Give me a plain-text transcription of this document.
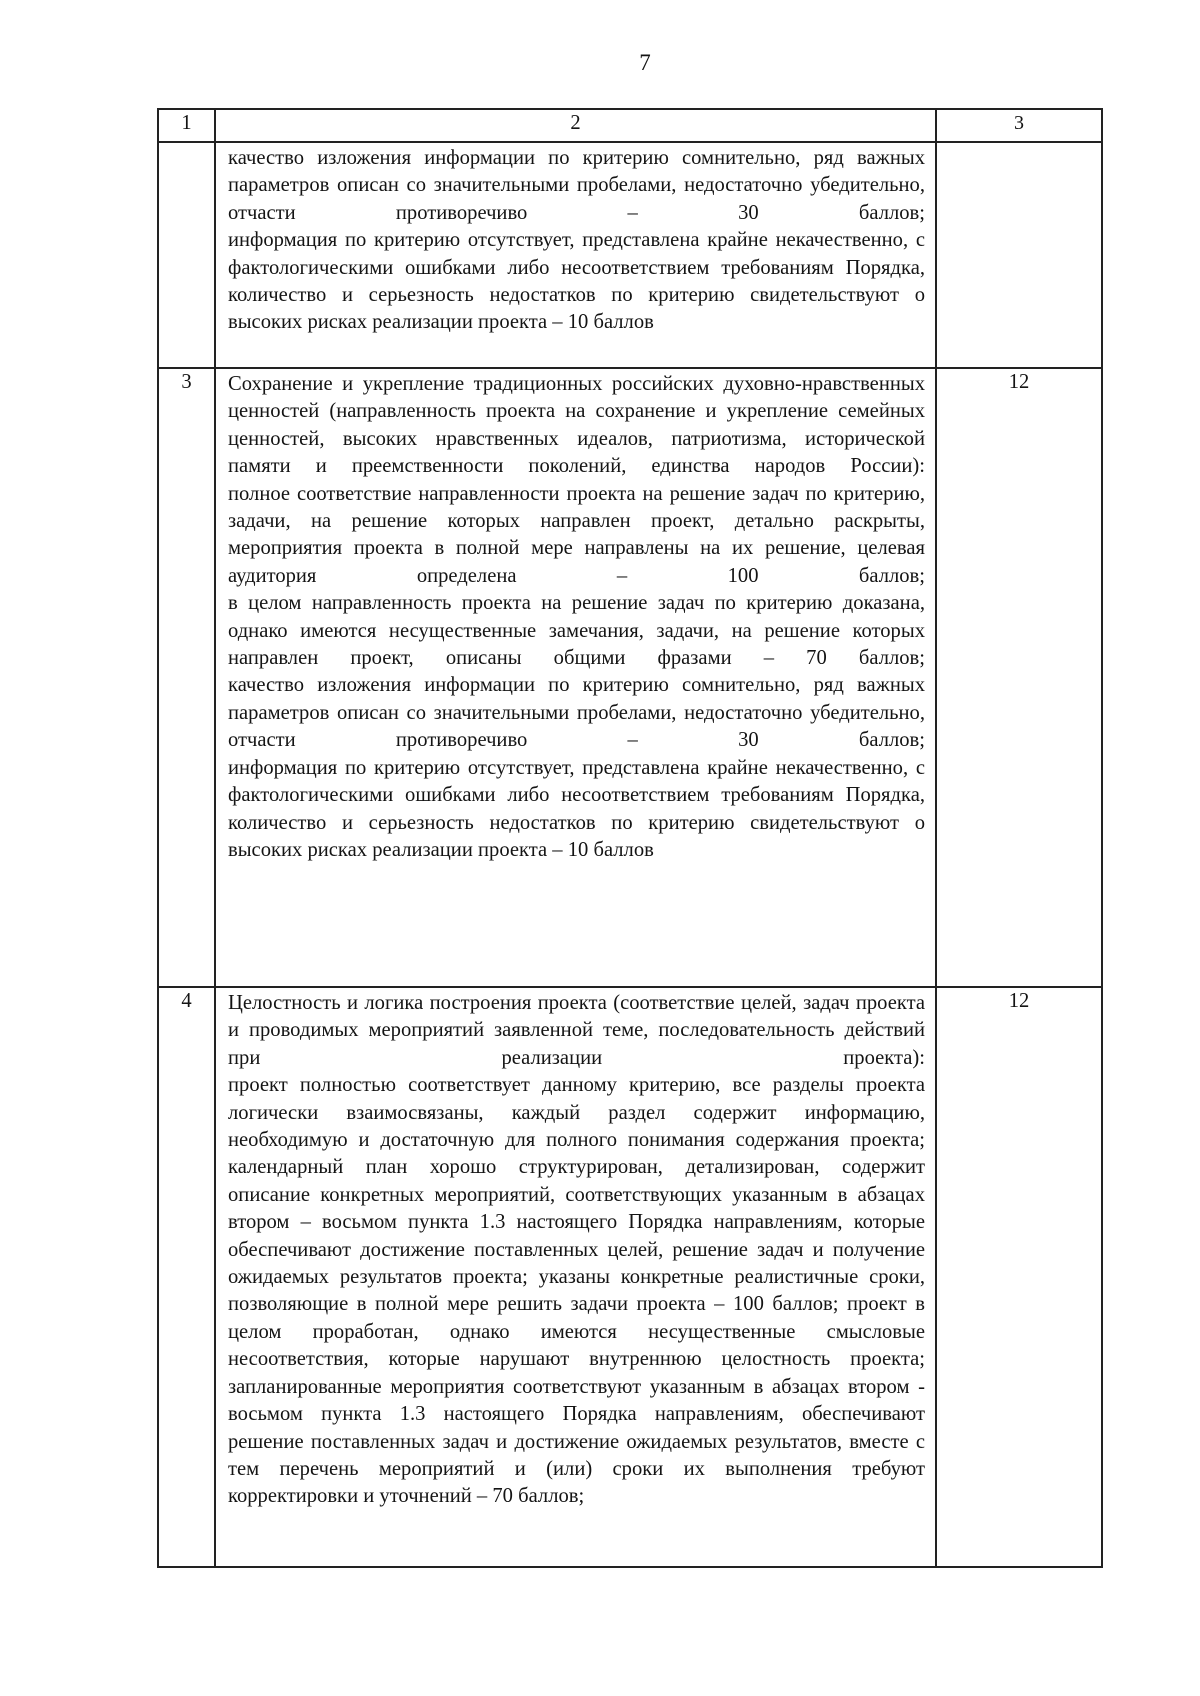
7
1	2	3

	качество изложения информации по критерию сомнительно, ряд важных параметров описан со значительными пробелами, недостаточно убедительно, отчасти противоречиво – 30 баллов;
информация по критерию отсутствует, представлена крайне некачественно, с фактологическими ошибками либо несоответствием требованиям Порядка, количество и серьезность недостатков по критерию свидетельствуют о высоких рисках реализации проекта – 10 баллов	

3	Сохранение и укрепление традиционных российских духовно-нравственных ценностей (направленность проекта на сохранение и укрепление семейных ценностей, высоких нравственных идеалов, патриотизма, исторической памяти и преемственности поколений, единства народов России):
полное соответствие направленности проекта на решение задач по критерию, задачи, на решение которых направлен проект, детально раскрыты, мероприятия проекта в полной мере направлены на их решение, целевая аудитория определена – 100 баллов;
в целом направленность проекта на решение задач по критерию доказана, однако имеются несущественные замечания, задачи, на решение которых направлен проект, описаны общими фразами – 70 баллов;
качество изложения информации по критерию сомнительно, ряд важных параметров описан со значительными пробелами, недостаточно убедительно, отчасти противоречиво – 30 баллов;
информация по критерию отсутствует, представлена крайне некачественно, с фактологическими ошибками либо несоответствием требованиям Порядка, количество и серьезность недостатков по критерию свидетельствуют о высоких рисках реализации проекта – 10 баллов	12
4	Целостность и логика построения проекта (соответствие целей, задач проекта и проводимых мероприятий заявленной теме, последовательность действий при реализации проекта):
проект полностью соответствует данному критерию, все разделы проекта логически взаимосвязаны, каждый раздел содержит информацию, необходимую и достаточную для полного понимания содержания проекта; календарный план хорошо структурирован, детализирован, содержит описание конкретных мероприятий, соответствующих указанным в абзацах втором – восьмом пункта 1.3 настоящего Порядка направлениям, которые обеспечивают достижение поставленных целей, решение задач и получение ожидаемых результатов проекта; указаны конкретные реалистичные сроки, позволяющие в полной мере решить задачи проекта – 100 баллов; проект в целом проработан, однако имеются несущественные смысловые несоответствия, которые нарушают внутреннюю целостность проекта; запланированные мероприятия соответствуют указанным в абзацах втором - восьмом пункта 1.3 настоящего Порядка направлениям, обеспечивают решение поставленных задач и достижение ожидаемых результатов, вместе с тем перечень мероприятий и (или) сроки их выполнения требуют корректировки и уточнений – 70 баллов;	12
